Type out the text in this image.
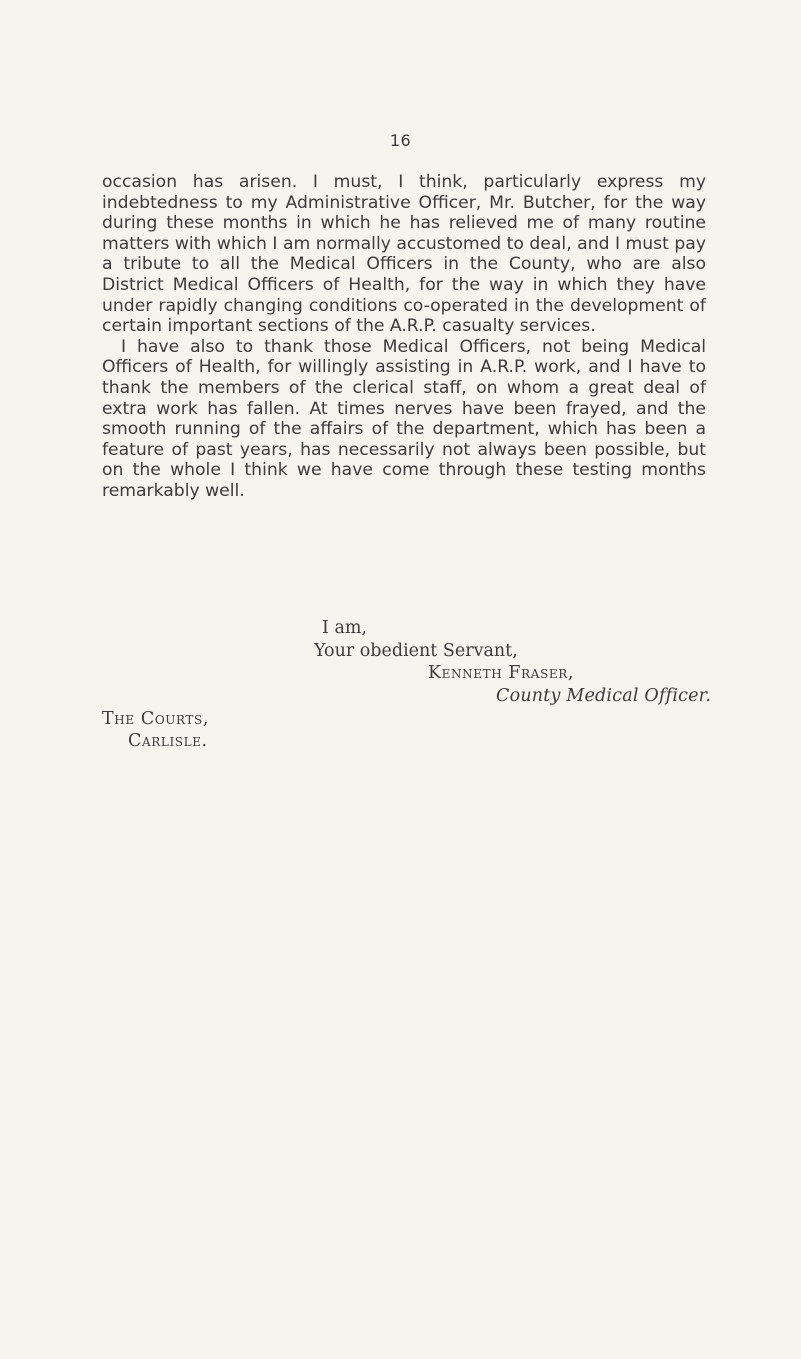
16

occasion has arisen. I must, I think, particularly express my indebtedness to my Administrative Officer, Mr. Butcher, for the way during these months in which he has relieved me of many routine matters with which I am normally accustomed to deal, and I must pay a tribute to all the Medical Officers in the County, who are also District Medical Officers of Health, for the way in which they have under rapidly changing conditions co-operated in the development of certain important sections of the A.R.P. casualty services.

I have also to thank those Medical Officers, not being Medical Officers of Health, for willingly assisting in A.R.P. work, and I have to thank the members of the clerical staff, on whom a great deal of extra work has fallen. At times nerves have been frayed, and the smooth running of the affairs of the department, which has been a feature of past years, has necessarily not always been possible, but on the whole I think we have come through these testing months remarkably well.

I am,
Your obedient Servant,
Kenneth Fraser,
County Medical Officer.
The Courts,
Carlisle.
